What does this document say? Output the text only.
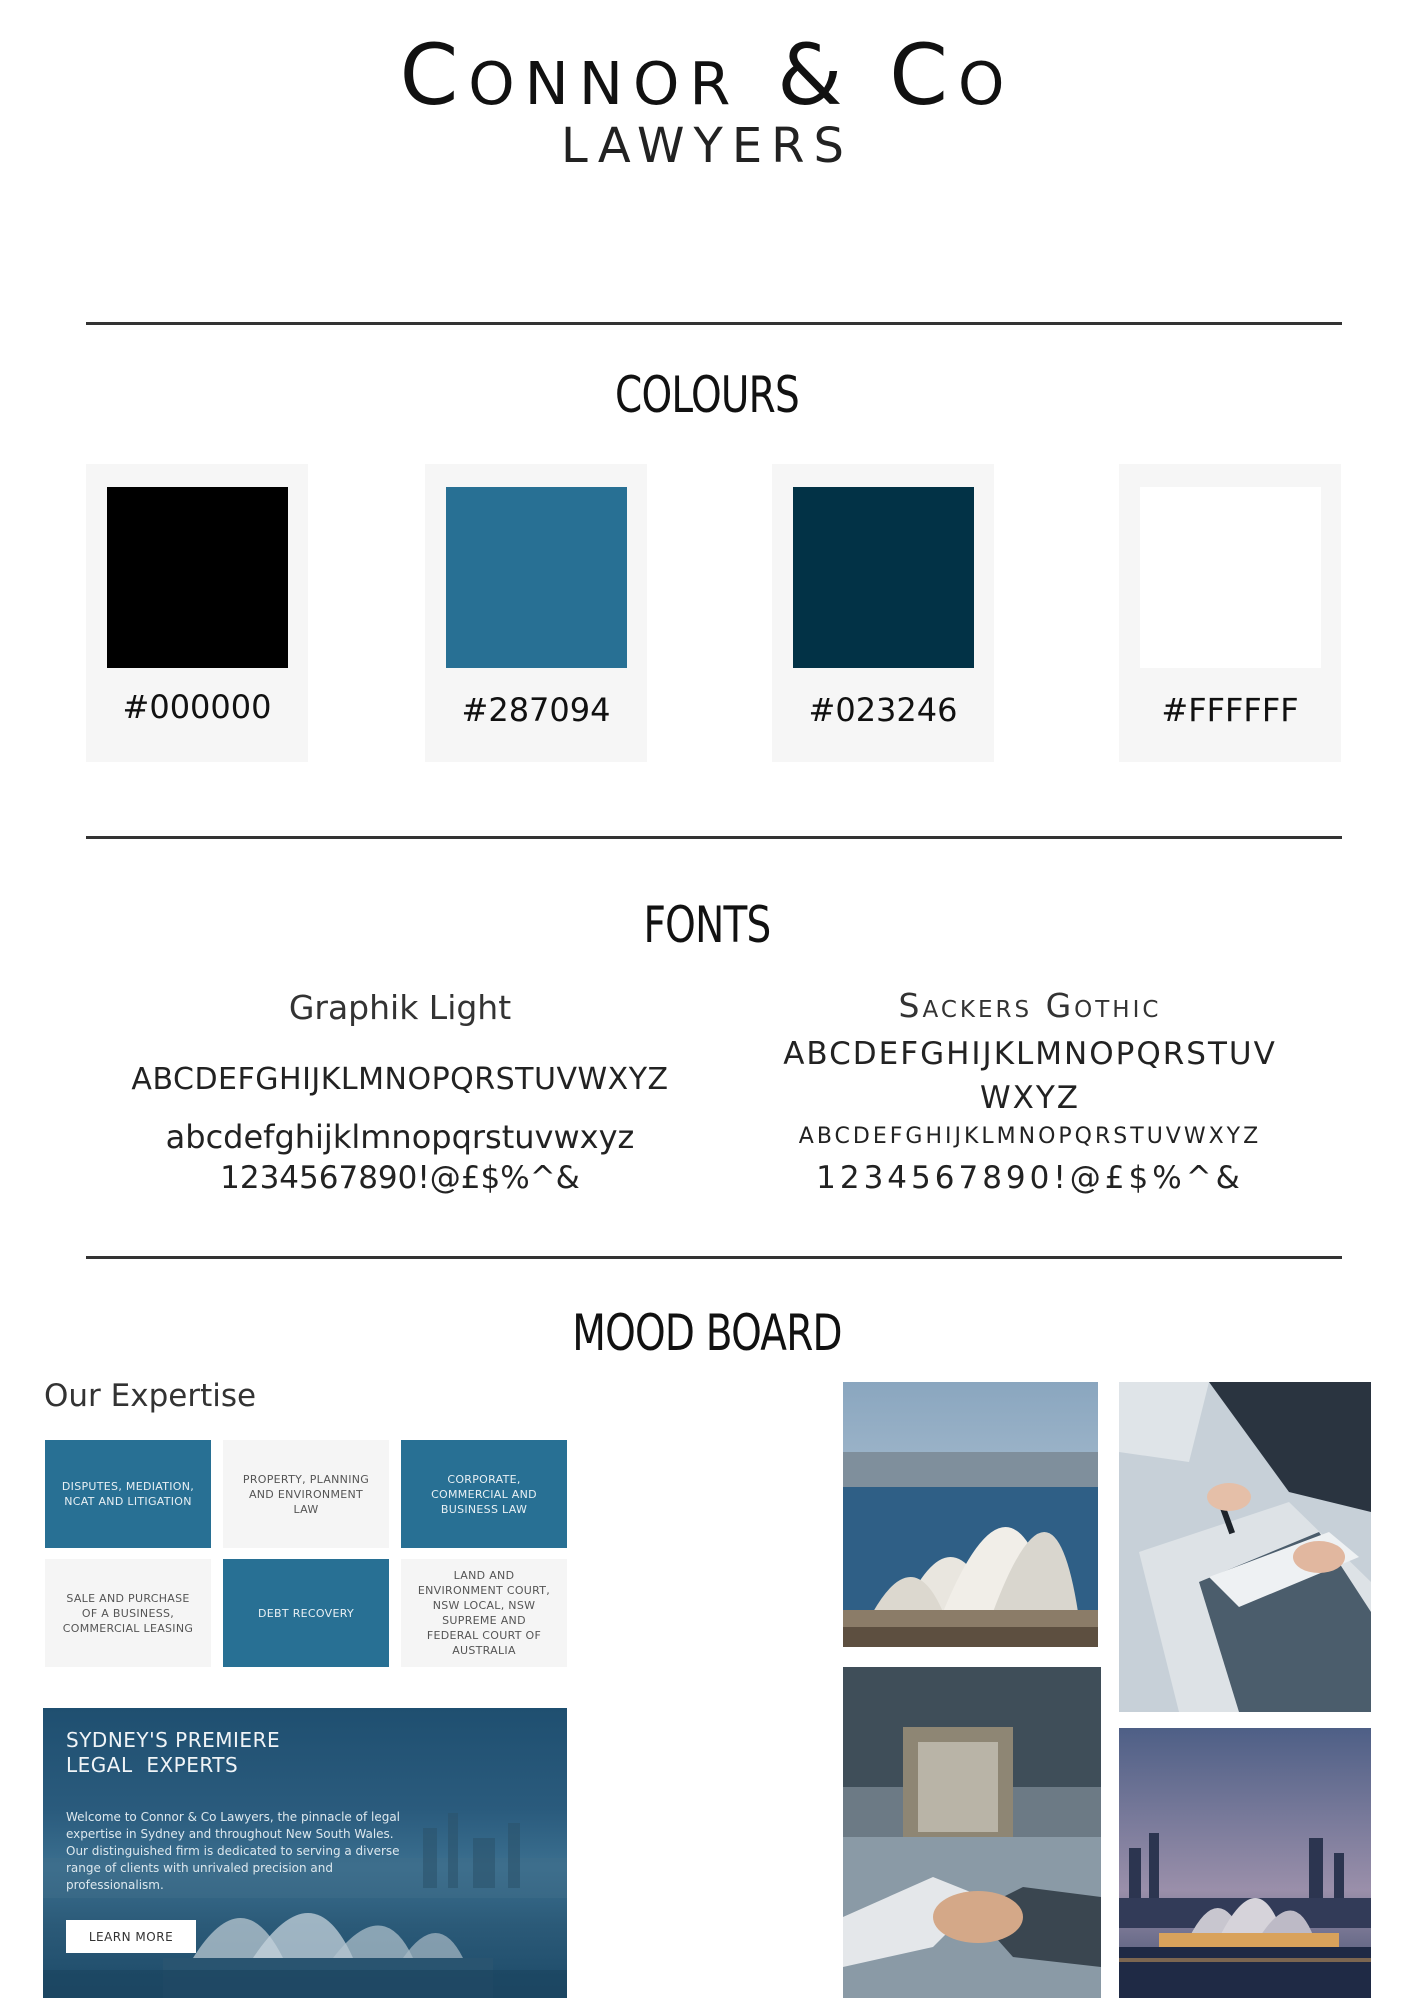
Connor & Co
LAWYERS
COLOURS
#000000	#287094	#023246	#FFFFFF
FONTS
Graphik Light
ABCDEFGHIJKLMNOPQRSTUVWXYZ
abcdefghijklmnopqrstuvwxyz
1234567890!@£$%^&
Sackers Gothic
ABCDEFGHIJKLMNOPQRSTUV
WXYZ
ABCDEFGHIJKLMNOPQRSTUVWXYZ
1234567890!@£$%^&
MOOD BOARD
Our Expertise
DISPUTES, MEDIATION, NCAT AND LITIGATION
PROPERTY, PLANNING AND ENVIRONMENT LAW
CORPORATE, COMMERCIAL AND BUSINESS LAW
SALE AND PURCHASE OF A BUSINESS, COMMERCIAL LEASING
DEBT RECOVERY
LAND AND ENVIRONMENT COURT, NSW LOCAL, NSW SUPREME AND FEDERAL COURT OF AUSTRALIA
SYDNEY'S PREMIERE
LEGAL  EXPERTS
Welcome to Connor & Co Lawyers, the pinnacle of legal expertise in Sydney and throughout New South Wales. Our distinguished firm is dedicated to serving a diverse range of clients with unrivaled precision and professionalism.
LEARN MORE
